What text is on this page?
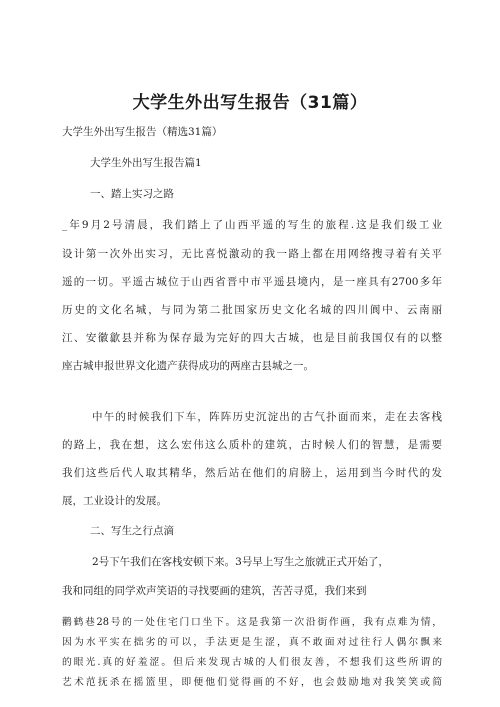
大学生外出写生报告（31篇）
大学生外出写生报告（精选31篇）
大学生外出写生报告篇1
一、踏上实习之路
_年9月2号清晨，我们踏上了山西平遥的写生的旅程.这是我们级工业
设计第一次外出实习，无比喜悦激动的我一路上都在用网络搜寻着有关平
遥的一切。平遥古城位于山西省晋中市平遥县境内，是一座具有2700多年
历史的文化名城，与同为第二批国家历史文化名城的四川阆中、云南丽
江、安徽歙县并称为保存最为完好的四大古城，也是目前我国仅有的以整
座古城申报世界文化遗产获得成功的两座古县城之一。
中午的时候我们下车，阵阵历史沉淀出的古气扑面而来，走在去客栈
的路上，我在想，这么宏伟这么质朴的建筑，古时候人们的智慧，是需要
我们这些后代人取其精华，然后站在他们的肩膀上，运用到当今时代的发
展，工业设计的发展。
二、写生之行点滴
2号下午我们在客栈安顿下来。3号早上写生之旅就正式开始了，
我和同组的同学欢声笑语的寻找要画的建筑，苦苦寻觅，我们来到
鹳鹤巷28号的一处住宅门口坐下。这是我第一次沿街作画，我有点难为情，
因为水平实在拙劣的可以，手法更是生涩，真不敢面对过往行人偶尔飘来
的眼光.真的好羞涩。但后来发现古城的人们很友善，不想我们这些所谓的
艺术范抚杀在摇篮里，即便他们觉得画的不好，也会鼓励地对我笑笑或简
